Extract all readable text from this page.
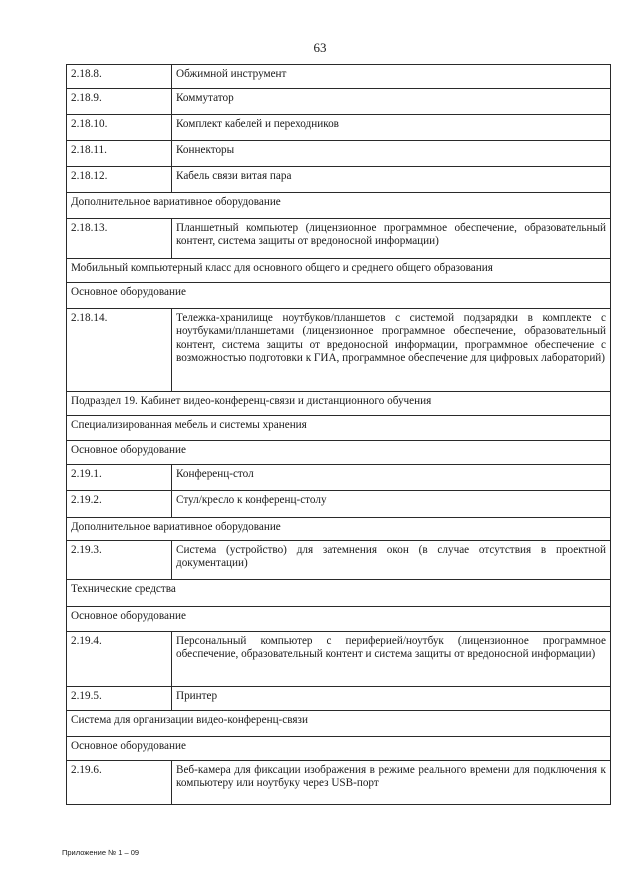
63
2.18.8.	Обжимной инструмент
2.18.9.	Коммутатор
2.18.10.	Комплект кабелей и переходников
2.18.11.	Коннекторы
2.18.12.	Кабель связи витая пара
Дополнительное вариативное оборудование	
2.18.13.	Планшетный компьютер (лицензионное программное обеспечение, образовательный контент, система защиты от вредоносной информации)
Мобильный компьютерный класс для основного общего и среднего общего образования	
Основное оборудование	
2.18.14.	Тележка-хранилище ноутбуков/планшетов с системой подзарядки в комплекте с ноутбуками/планшетами (лицензионное программное обеспечение, образовательный контент, система защиты от вредоносной информации, программное обеспечение с возможностью подготовки к ГИА, программное обеспечение для цифровых лабораторий)
Подраздел 19. Кабинет видео-конференц-связи и дистанционного обучения	
Специализированная мебель и системы хранения	
Основное оборудование	
2.19.1.	Конференц-стол
2.19.2.	Стул/кресло к конференц-столу
Дополнительное вариативное оборудование	
2.19.3.	Система (устройство) для затемнения окон (в случае отсутствия в проектной документации)
Технические средства	
Основное оборудование	
2.19.4.	Персональный компьютер с периферией/ноутбук (лицензионное программное обеспечение, образовательный контент и система защиты от вредоносной информации)
2.19.5.	Принтер
Система для организации видео-конференц-связи	
Основное оборудование	
2.19.6.	Веб-камера для фиксации изображения в режиме реального времени для подключения к компьютеру или ноутбуку через USB-порт
Приложение № 1 – 09
